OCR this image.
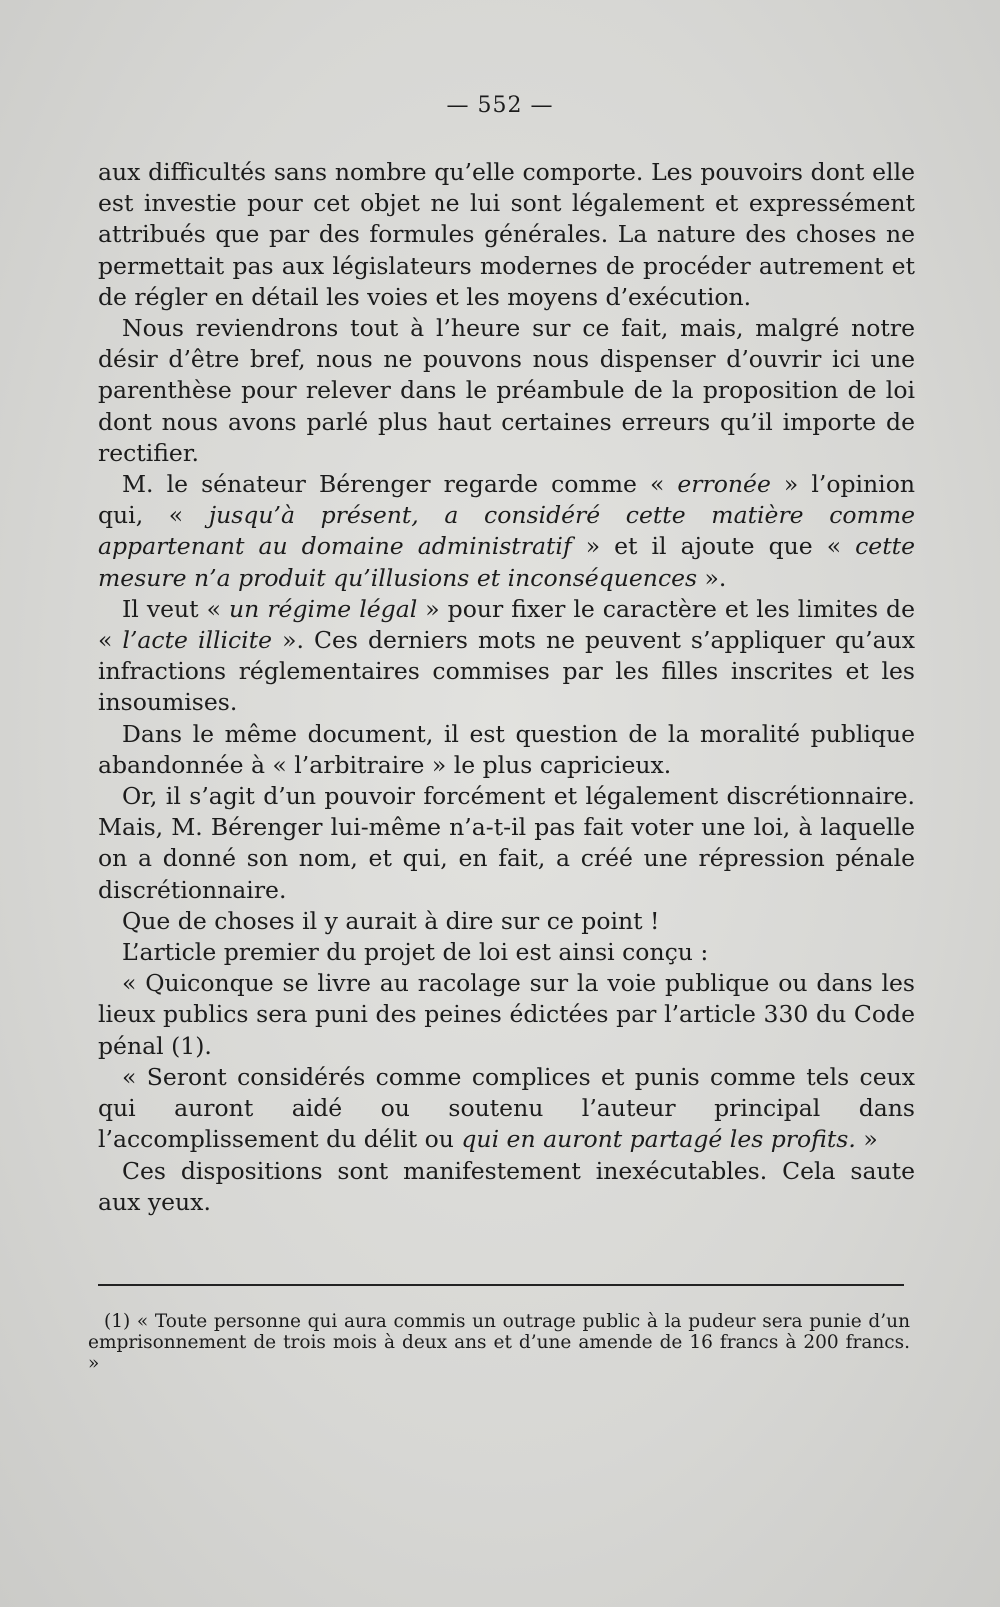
— 552 —

aux difficultés sans nombre qu’elle comporte. Les pouvoirs dont elle est investie pour cet objet ne lui sont légalement et expressément attribués que par des formules générales. La nature des choses ne permettait pas aux législateurs modernes de procéder autrement et de régler en détail les voies et les moyens d’exécution.

Nous reviendrons tout à l’heure sur ce fait, mais, malgré notre désir d’être bref, nous ne pouvons nous dispenser d’ouvrir ici une parenthèse pour relever dans le préambule de la proposition de loi dont nous avons parlé plus haut certaines erreurs qu’il importe de rectifier.

M. le sénateur Bérenger regarde comme « erronée » l’opinion qui, « jusqu’à présent, a considéré cette matière comme appartenant au domaine administratif » et il ajoute que « cette mesure n’a produit qu’illusions et inconséquences ».

Il veut « un régime légal » pour fixer le caractère et les limites de « l’acte illicite ». Ces derniers mots ne peuvent s’appliquer qu’aux infractions réglementaires commises par les filles inscrites et les insoumises.

Dans le même document, il est question de la moralité publique abandonnée à « l’arbitraire » le plus capricieux.

Or, il s’agit d’un pouvoir forcément et légalement discrétionnaire. Mais, M. Bérenger lui-même n’a-t-il pas fait voter une loi, à laquelle on a donné son nom, et qui, en fait, a créé une répression pénale discrétionnaire.

Que de choses il y aurait à dire sur ce point !

L’article premier du projet de loi est ainsi conçu :

« Quiconque se livre au racolage sur la voie publique ou dans les lieux publics sera puni des peines édictées par l’article 330 du Code pénal (1).

« Seront considérés comme complices et punis comme tels ceux qui auront aidé ou soutenu l’auteur principal dans l’accomplissement du délit ou qui en auront partagé les profits. »

Ces dispositions sont manifestement inexécutables. Cela saute aux yeux.

(1) « Toute personne qui aura commis un outrage public à la pudeur sera punie d’un emprisonnement de trois mois à deux ans et d’une amende de 16 francs à 200 francs. »
